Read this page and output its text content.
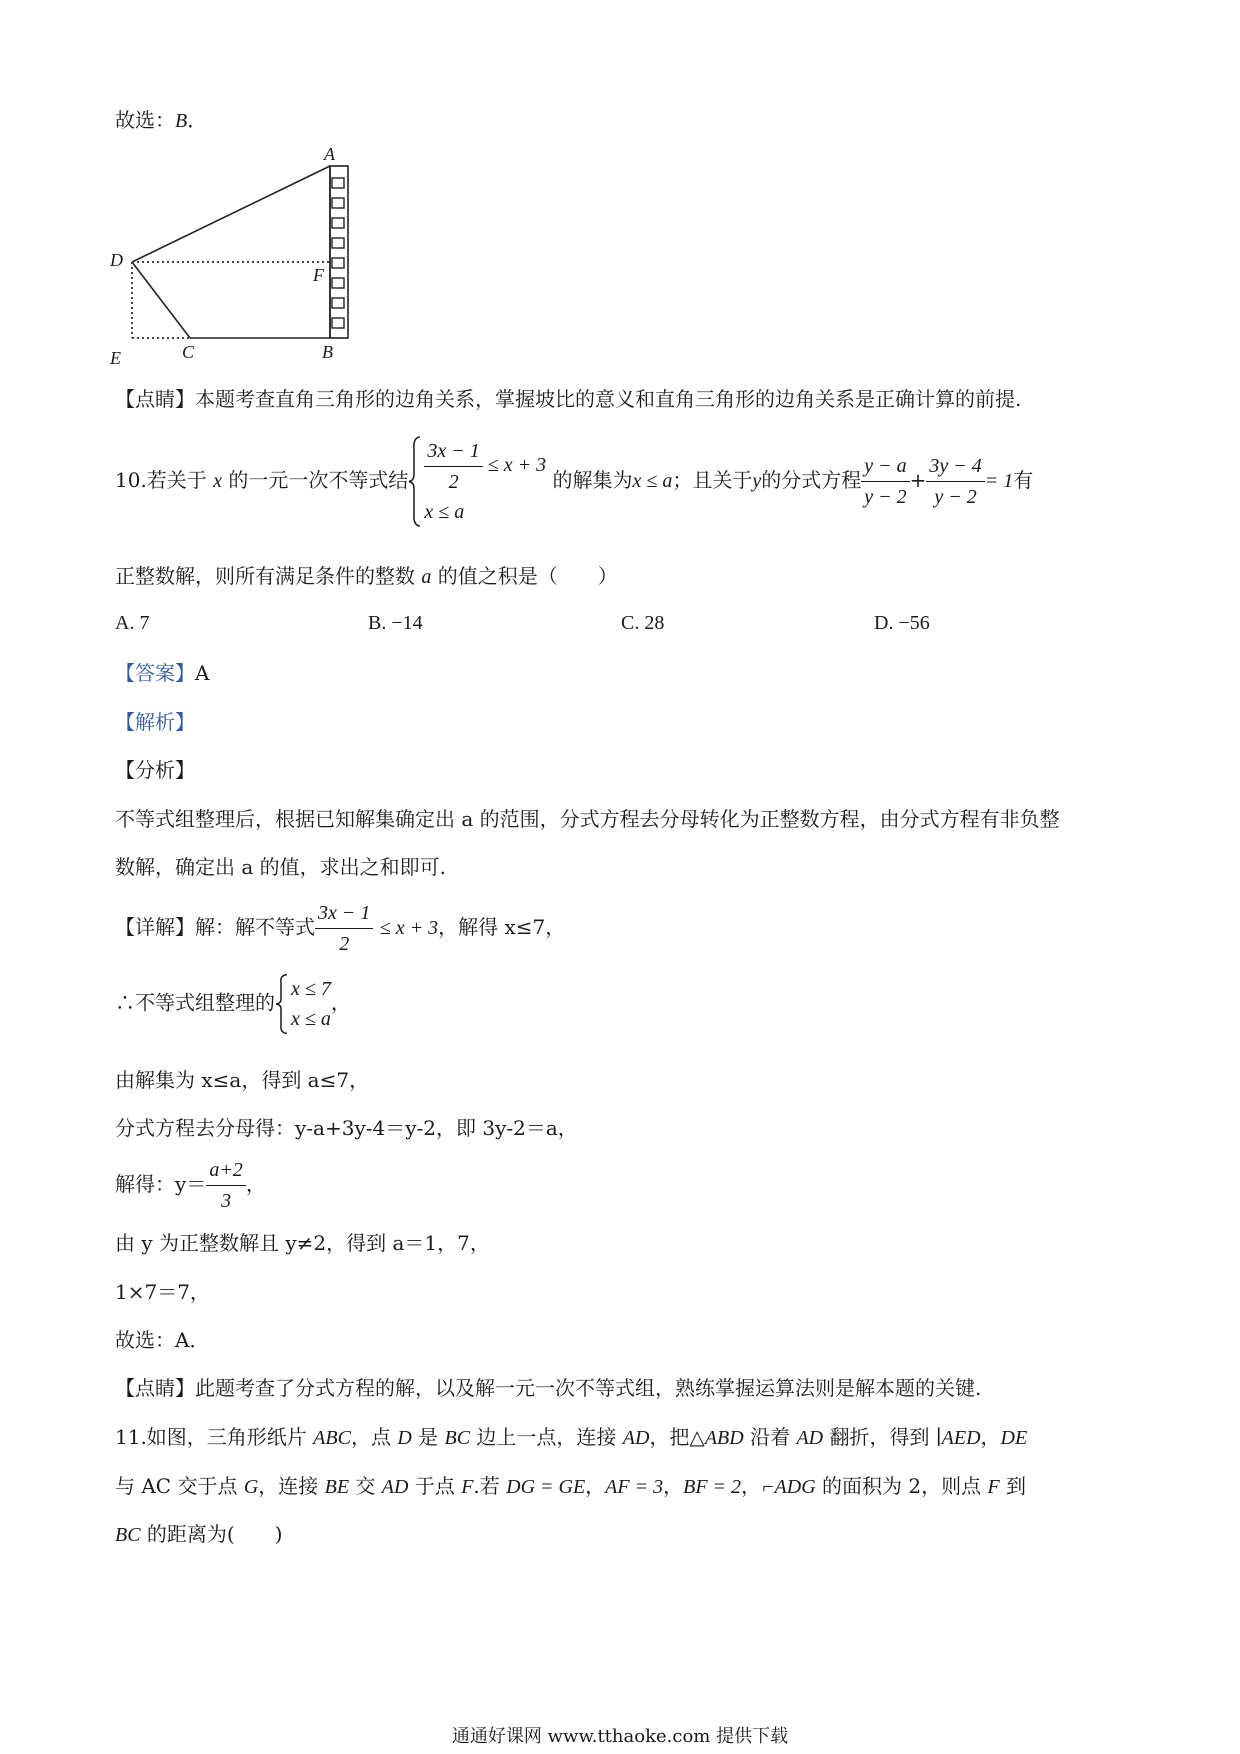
故选：B．
A
D
F
E	C	B
【点睛】本题考查直角三角形的边角关系，掌握坡比的意义和直角三角形的边角关系是正确计算的前提.
10.若关于 x 的一元一次不等式结 $\frac{3x - 1}{2} \le x + 3$
x ≤ a
的解集为x ≤ a；且关于y的分式方程 $\frac{y - a}{y - 2} + \frac{3y - 4}{y - 2} = 1$有
正整数解，则所有满足条件的整数 a 的值之积是（　　）
A. 7	B. −14	C. 28	D. −56
【答案】A
【解析】
【分析】
不等式组整理后，根据已知解集确定出 a 的范围，分式方程去分母转化为正整数方程，由分式方程有非负整
数解，确定出 a 的值，求出之和即可.
【详解】解：解不等式 $\frac{3x - 1}{2} \le x + 3$，解得 x≤7，
∴不等式组整理的
x ≤ 7
x ≤ a
，
由解集为 x≤a，得到 a≤7，
分式方程去分母得：y-a+3y-4＝y-2，即 3y-2＝a，
解得：$y= \frac{a+2}{3}$ ，
由 y 为正整数解且 y≠2，得到 a＝1，7，
1×7＝7，
故选：A．
【点睛】此题考查了分式方程的解，以及解一元一次不等式组，熟练掌握运算法则是解本题的关键.
11.如图，三角形纸片 ABC，点 D 是 BC 边上一点，连接 AD，把△ABD 沿着 AD 翻折，得到 ∣AED，DE
与 AC 交于点 G，连接 BE 交 AD 于点 F.若 DG = GE，AF = 3，BF = 2，⌐ADG 的面积为 2，则点 F 到
BC 的距离为(　　)
通通好课网 www.tthaoke.com 提供下载
